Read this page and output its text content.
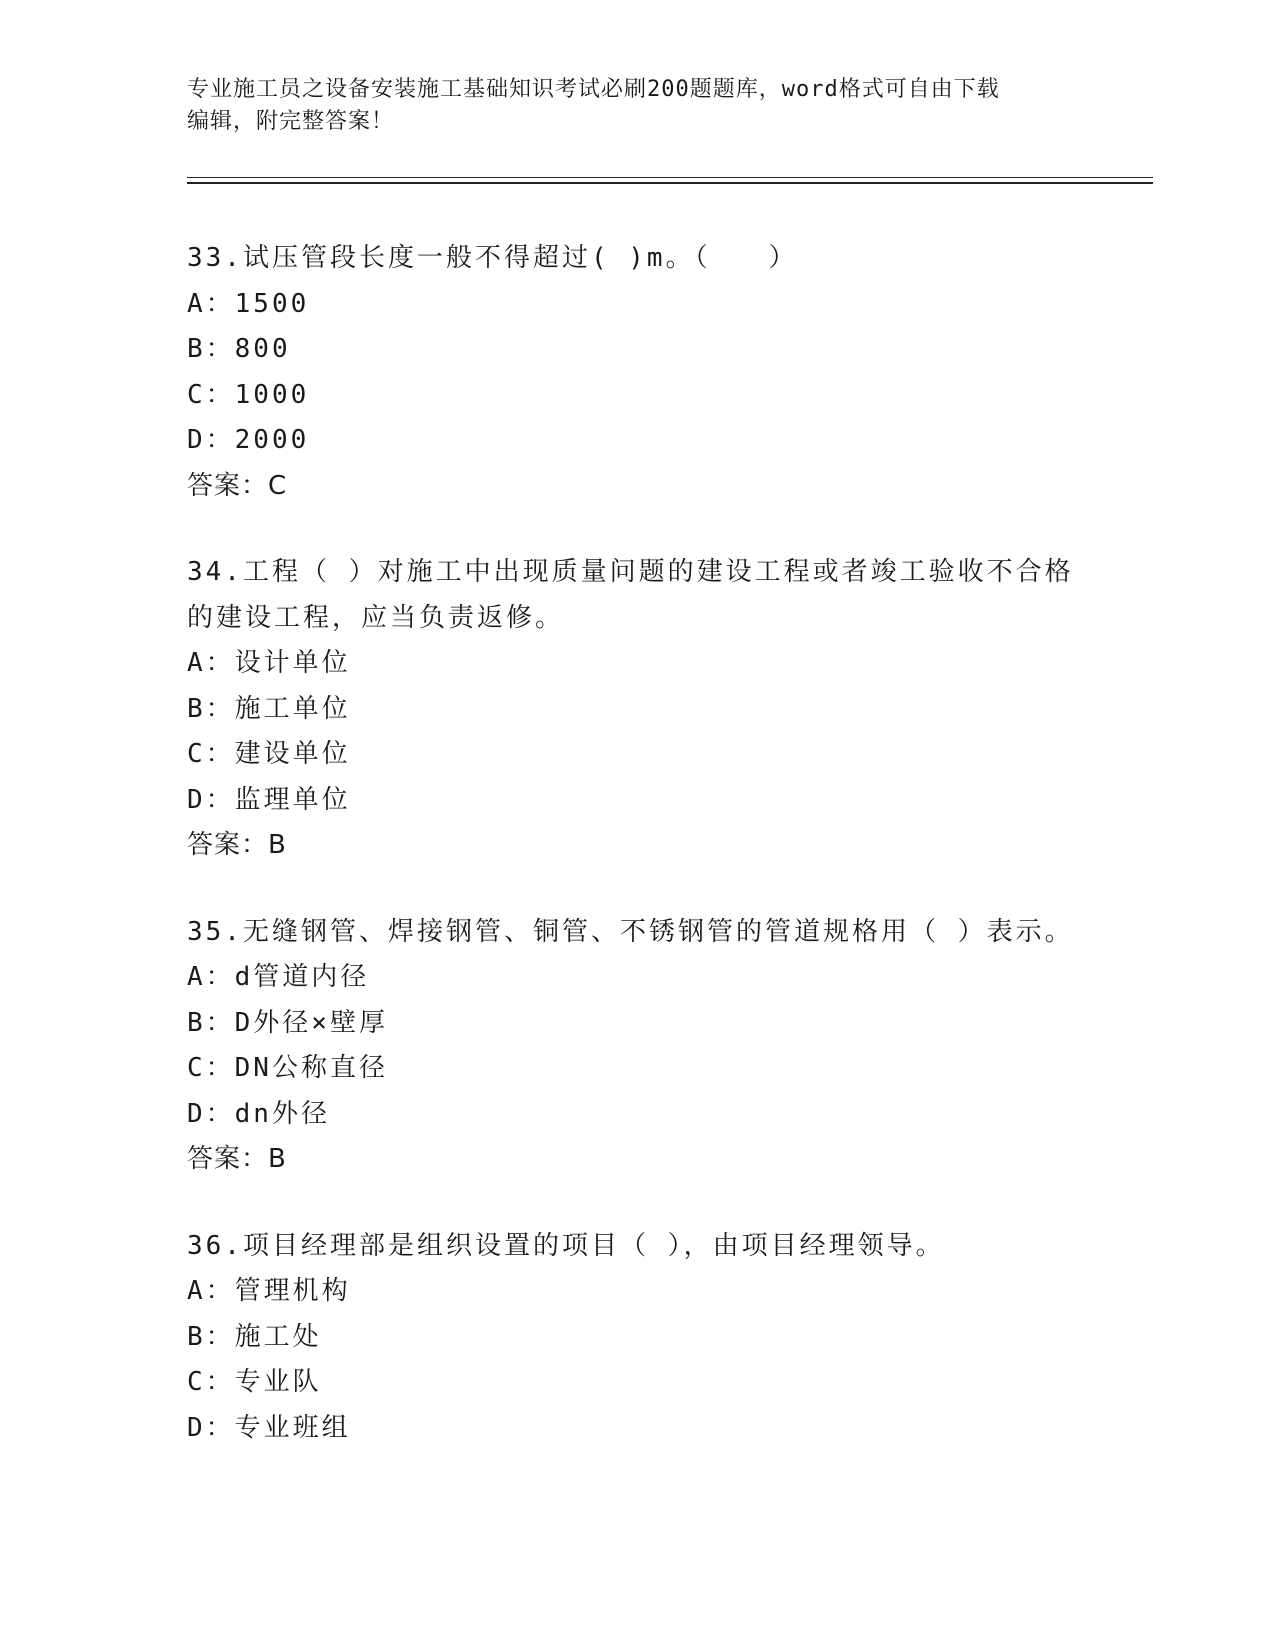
专业施工员之设备安装施工基础知识考试必刷200题题库，word格式可自由下载
编辑，附完整答案！
33.试压管段长度一般不得超过( )m。（　　）
A：1500
B：800
C：1000
D：2000
答案：C
34.工程（ ）对施工中出现质量问题的建设工程或者竣工验收不合格
的建设工程，应当负责返修。
A：设计单位
B：施工单位
C：建设单位
D：监理单位
答案：B
35.无缝钢管、焊接钢管、铜管、不锈钢管的管道规格用（ ）表示。
A：d管道内径
B：D外径×壁厚
C：DN公称直径
D：dn外径
答案：B
36.项目经理部是组织设置的项目（ ），由项目经理领导。
A：管理机构
B：施工处
C：专业队
D：专业班组
